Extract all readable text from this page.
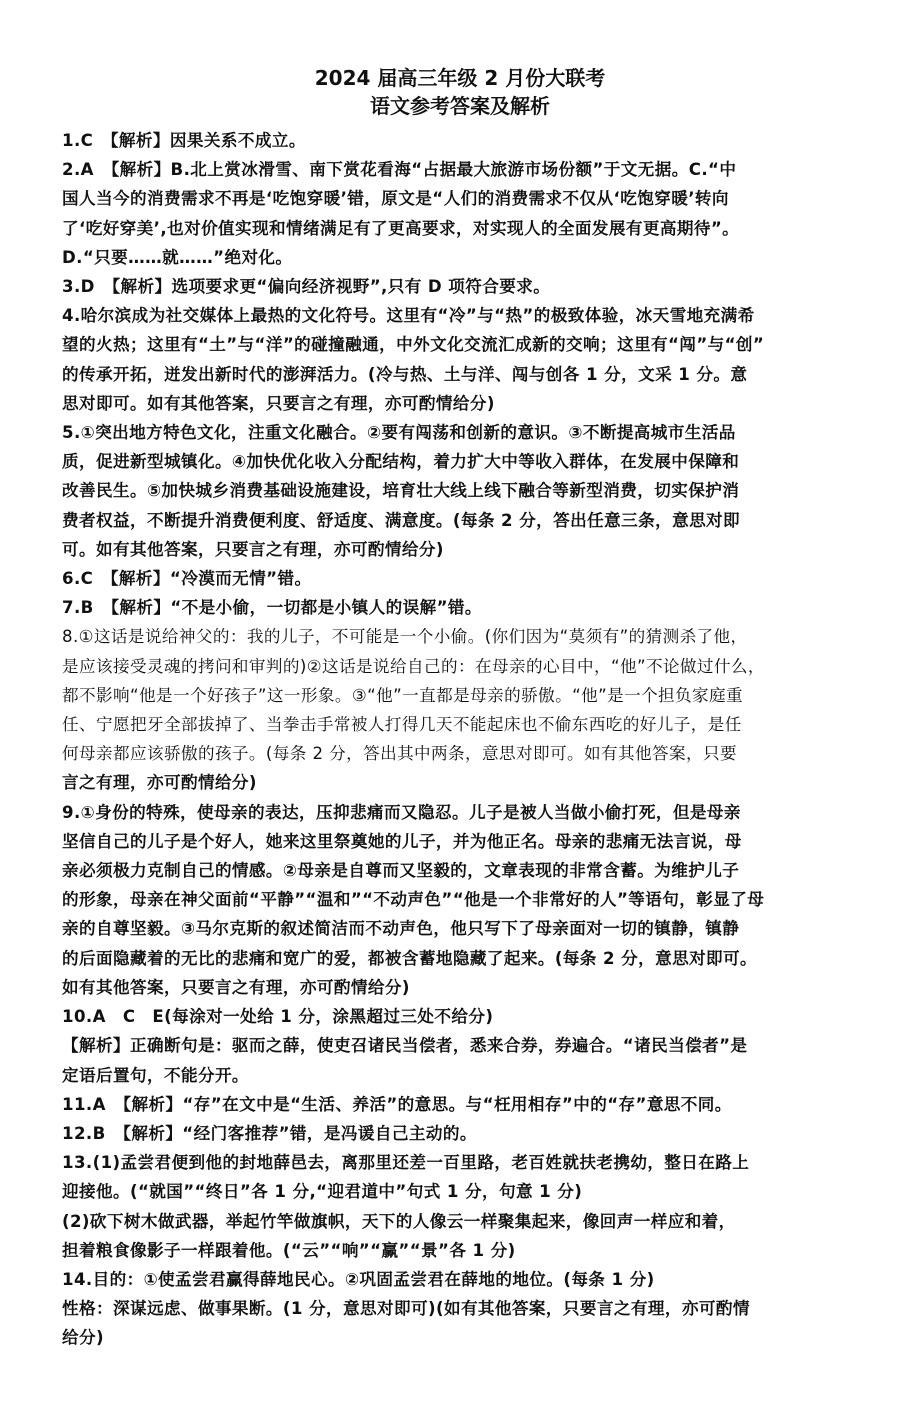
2024 届高三年级 2 月份大联考
语文参考答案及解析

1.C　【解析】因果关系不成立。

2.A　【解析】B.北上赏冰滑雪、南下赏花看海“占据最大旅游市场份额”于文无据。C.“中

国人当今的消费需求不再是‘吃饱穿暖’错，原文是“人们的消费需求不仅从‘吃饱穿暖’转向

了‘吃好穿美’,也对价值实现和情绪满足有了更高要求，对实现人的全面发展有更高期待”。

D.“只要……就……”绝对化。

3.D　【解析】选项要求更“偏向经济视野”,只有 D 项符合要求。

4.哈尔滨成为社交媒体上最热的文化符号。这里有“冷”与“热”的极致体验，冰天雪地充满希

望的火热；这里有“土”与“洋”的碰撞融通，中外文化交流汇成新的交响；这里有“闯”与“创”

的传承开拓，迸发出新时代的澎湃活力。(冷与热、土与洋、闯与创各 1 分，文采 1 分。意

思对即可。如有其他答案，只要言之有理，亦可酌情给分)

5.①突出地方特色文化，注重文化融合。②要有闯荡和创新的意识。③不断提高城市生活品

质，促进新型城镇化。④加快优化收入分配结构，着力扩大中等收入群体，在发展中保障和

改善民生。⑤加快城乡消费基础设施建设，培育壮大线上线下融合等新型消费，切实保护消

费者权益，不断提升消费便利度、舒适度、满意度。(每条 2 分，答出任意三条，意思对即

可。如有其他答案，只要言之有理，亦可酌情给分)

6.C　【解析】“冷漠而无情”错。

7.B　【解析】“不是小偷，一切都是小镇人的误解”错。

8.①这话是说给神父的：我的儿子，不可能是一个小偷。(你们因为“莫须有”的猜测杀了他，

是应该接受灵魂的拷问和审判的)②这话是说给自己的：在母亲的心目中，“他”不论做过什么，

都不影响“他是一个好孩子”这一形象。③“他”一直都是母亲的骄傲。“他”是一个担负家庭重

任、宁愿把牙全部拔掉了、当拳击手常被人打得几天不能起床也不偷东西吃的好儿子，是任

何母亲都应该骄傲的孩子。(每条 2 分，答出其中两条，意思对即可。如有其他答案，只要

言之有理，亦可酌情给分)

9.①身份的特殊，使母亲的表达，压抑悲痛而又隐忍。儿子是被人当做小偷打死，但是母亲

坚信自己的儿子是个好人，她来这里祭奠她的儿子，并为他正名。母亲的悲痛无法言说，母

亲必须极力克制自己的情感。②母亲是自尊而又坚毅的，文章表现的非常含蓄。为维护儿子

的形象，母亲在神父面前“平静”“温和”“不动声色”“他是一个非常好的人”等语句，彰显了母

亲的自尊坚毅。③马尔克斯的叙述简洁而不动声色，他只写下了母亲面对一切的镇静，镇静

的后面隐藏着的无比的悲痛和宽广的爱，都被含蓄地隐藏了起来。(每条 2 分，意思对即可。

如有其他答案，只要言之有理，亦可酌情给分)

10.A　C　E(每涂对一处给 1 分，涂黑超过三处不给分)

【解析】正确断句是：驱而之薛，使吏召诸民当偿者，悉来合券，券遍合。“诸民当偿者”是

定语后置句，不能分开。

11.A　【解析】“存”在文中是“生活、养活”的意思。与“枉用相存”中的“存”意思不同。

12.B　【解析】“经门客推荐”错，是冯谖自己主动的。

13.(1)孟尝君便到他的封地薛邑去，离那里还差一百里路，老百姓就扶老携幼，整日在路上

迎接他。(“就国”“终日”各 1 分,“迎君道中”句式 1 分，句意 1 分)

(2)砍下树木做武器，举起竹竿做旗帜，天下的人像云一样聚集起来，像回声一样应和着，

担着粮食像影子一样跟着他。(“云”“响”“赢”“景”各 1 分)

14.目的：①使孟尝君赢得薛地民心。②巩固孟尝君在薛地的地位。(每条 1 分)

性格：深谋远虑、做事果断。(1 分，意思对即可)(如有其他答案，只要言之有理，亦可酌情

给分)
